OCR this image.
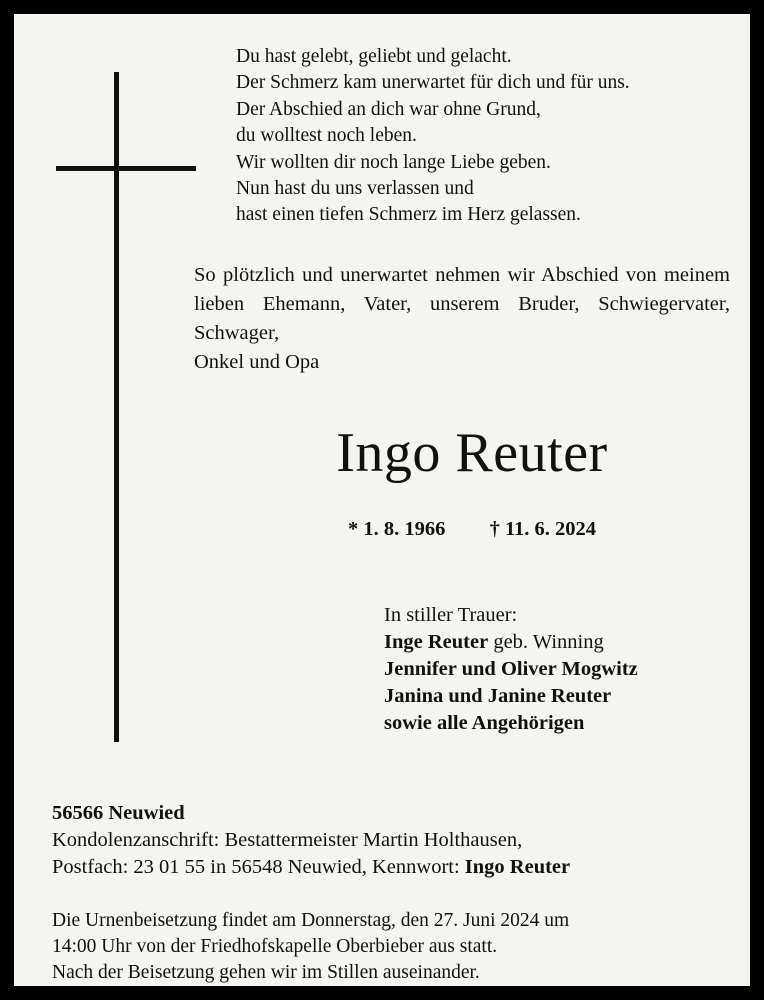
Du hast gelebt, geliebt und gelacht.
Der Schmerz kam unerwartet für dich und für uns.
Der Abschied an dich war ohne Grund,
du wolltest noch leben.
Wir wollten dir noch lange Liebe geben.
Nun hast du uns verlassen und
hast einen tiefen Schmerz im Herz gelassen.
So plötzlich und unerwartet nehmen wir Abschied von meinem lieben Ehemann, Vater, unserem Bruder, Schwiegervater, Schwager,
Onkel und Opa
Ingo Reuter
* 1. 8. 1966 † 11. 6. 2024
In stiller Trauer:
Inge Reuter geb. Winning
Jennifer und Oliver Mogwitz
Janina und Janine Reuter
sowie alle Angehörigen
56566 Neuwied
Kondolenzanschrift: Bestattermeister Martin Holthausen,
Postfach: 23 01 55 in 56548 Neuwied, Kennwort: Ingo Reuter
Die Urnenbeisetzung findet am Donnerstag, den 27. Juni 2024 um
14:00 Uhr von der Friedhofskapelle Oberbieber aus statt.
Nach der Beisetzung gehen wir im Stillen auseinander.
